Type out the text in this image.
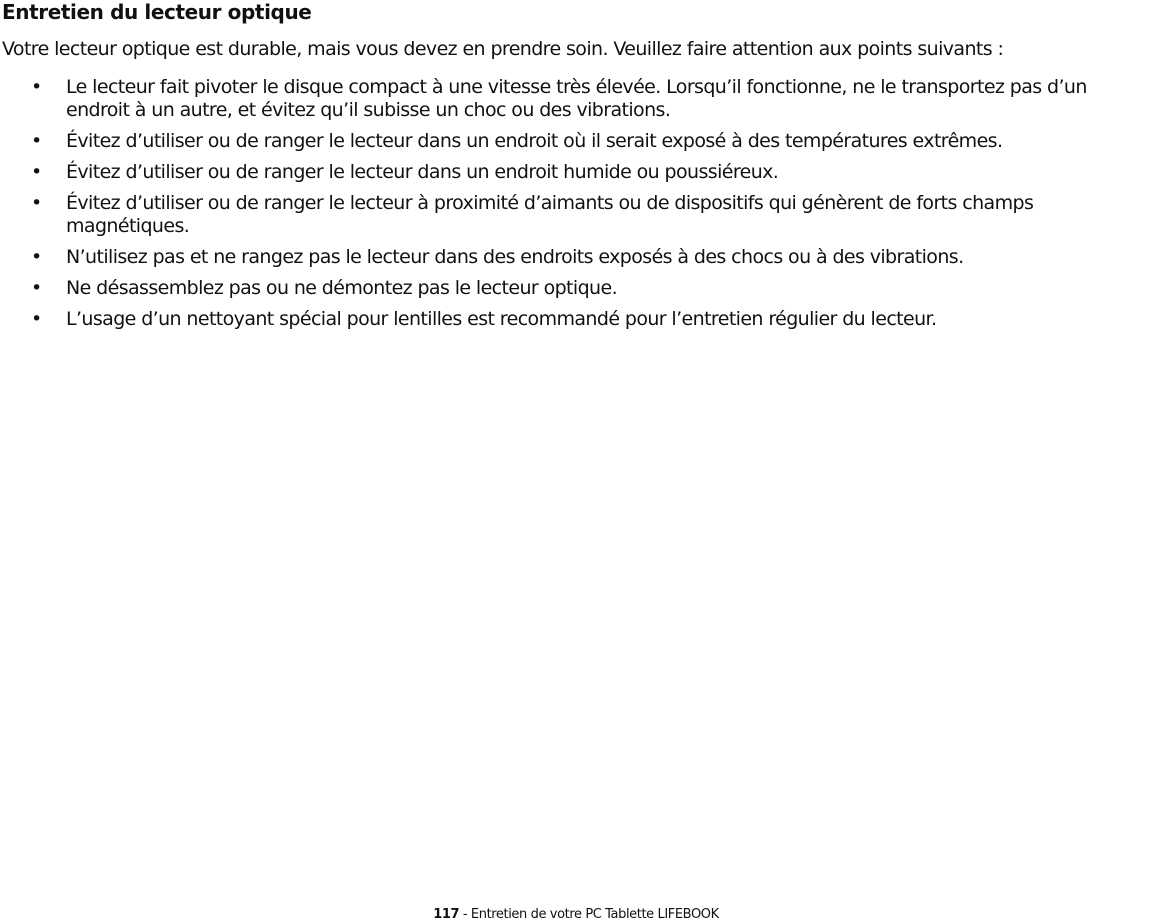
Entretien du lecteur optique

Votre lecteur optique est durable, mais vous devez en prendre soin. Veuillez faire attention aux points suivants :

• Le lecteur fait pivoter le disque compact à une vitesse très élevée. Lorsqu’il fonctionne, ne le transportez pas d’un endroit à un autre, et évitez qu’il subisse un choc ou des vibrations.
• Évitez d’utiliser ou de ranger le lecteur dans un endroit où il serait exposé à des températures extrêmes.
• Évitez d’utiliser ou de ranger le lecteur dans un endroit humide ou poussiéreux.
• Évitez d’utiliser ou de ranger le lecteur à proximité d’aimants ou de dispositifs qui génèrent de forts champs magnétiques.
• N’utilisez pas et ne rangez pas le lecteur dans des endroits exposés à des chocs ou à des vibrations.
• Ne désassemblez pas ou ne démontez pas le lecteur optique.
• L’usage d’un nettoyant spécial pour lentilles est recommandé pour l’entretien régulier du lecteur.
117 - Entretien de votre PC Tablette LIFEBOOK
